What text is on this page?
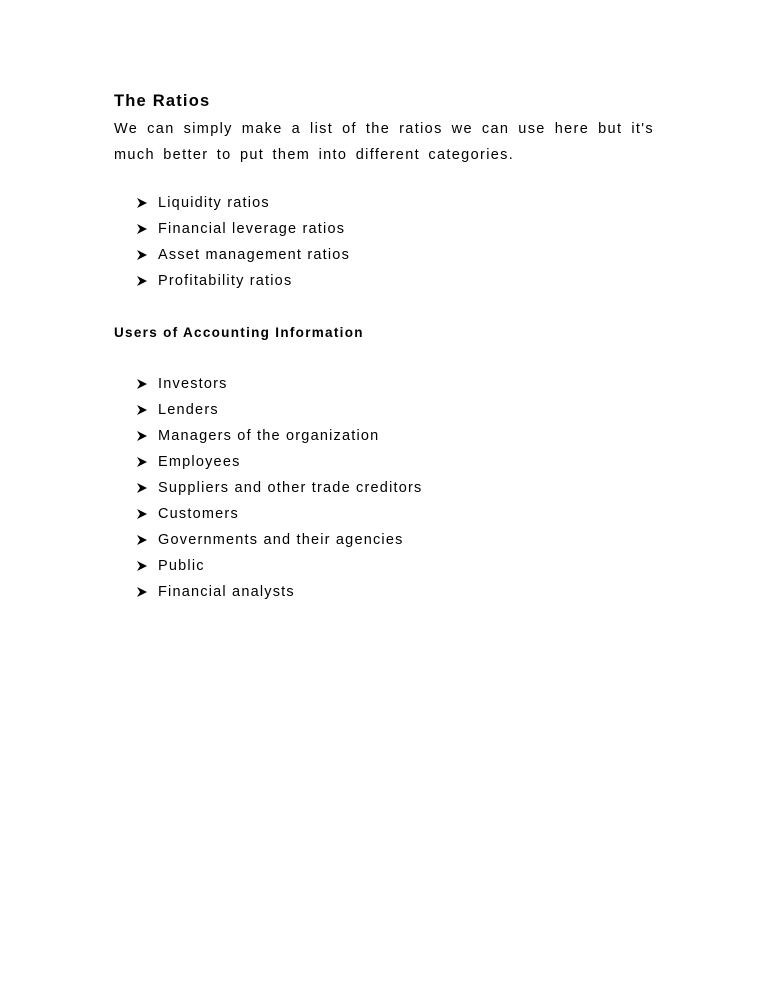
The Ratios

We can simply make a list of the ratios we can use here but it's much better to put them into different categories.

Liquidity ratios
Financial leverage ratios
Asset management ratios
Profitability ratios
Users of Accounting Information
Investors
Lenders
Managers of the organization
Employees
Suppliers and other trade creditors
Customers
Governments and their agencies
Public
Financial analysts
